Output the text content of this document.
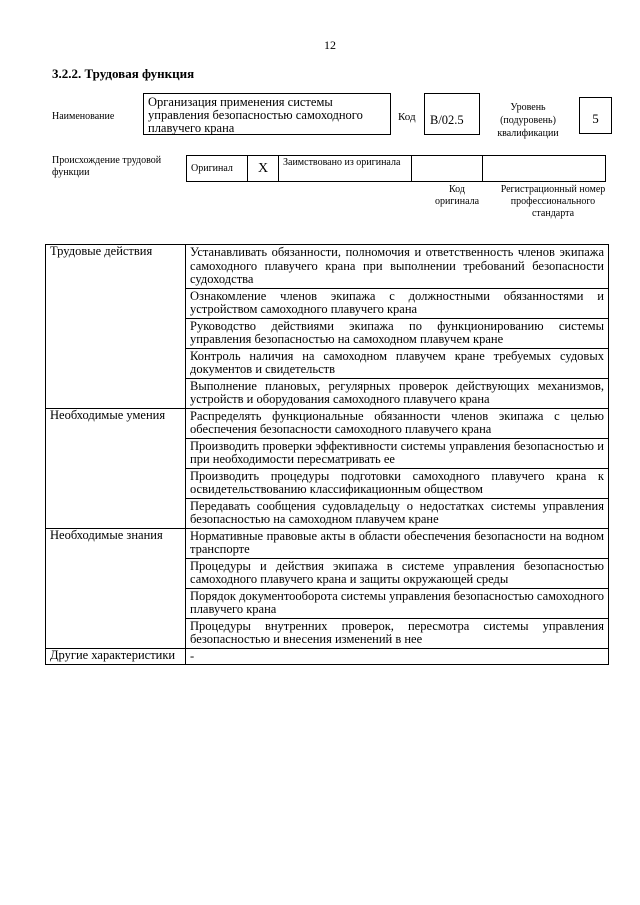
12
3.2.2. Трудовая функция
Наименование
Организация применения системы управления безопасностью самоходного плавучего крана
Код	B/02.5
Уровень (подуровень) квалификации
5
Происхождение трудовой функции	Оригинал	X	Заимствовано из оригинала		
Код оригинала
Регистрационный номер профессионального стандарта
Трудовые действия	Устанавливать обязанности, полномочия и ответственность членов экипажа самоходного плавучего крана при выполнении требований безопасности судоходства
	Ознакомление членов экипажа с должностными обязанностями и устройством самоходного плавучего крана
	Руководство действиями экипажа по функционированию системы управления безопасностью на самоходном плавучем кране
	Контроль наличия на самоходном плавучем кране требуемых судовых документов и свидетельств
	Выполнение плановых, регулярных проверок действующих механизмов, устройств и оборудования самоходного плавучего крана
Необходимые умения	Распределять функциональные обязанности членов экипажа с целью обеспечения безопасности самоходного плавучего крана
	Производить проверки эффективности системы управления безопасностью и при необходимости пересматривать ее
	Производить процедуры подготовки самоходного плавучего крана к освидетельствованию классификационным обществом
	Передавать сообщения судовладельцу о недостатках системы управления безопасностью на самоходном плавучем кране
Необходимые знания	Нормативные правовые акты в области обеспечения безопасности на водном транспорте
	Процедуры и действия экипажа в системе управления безопасностью самоходного плавучего крана и защиты окружающей среды
	Порядок документооборота системы управления безопасностью самоходного плавучего крана
	Процедуры внутренних проверок, пересмотра системы управления безопасностью и внесения изменений в нее
Другие характеристики	-
